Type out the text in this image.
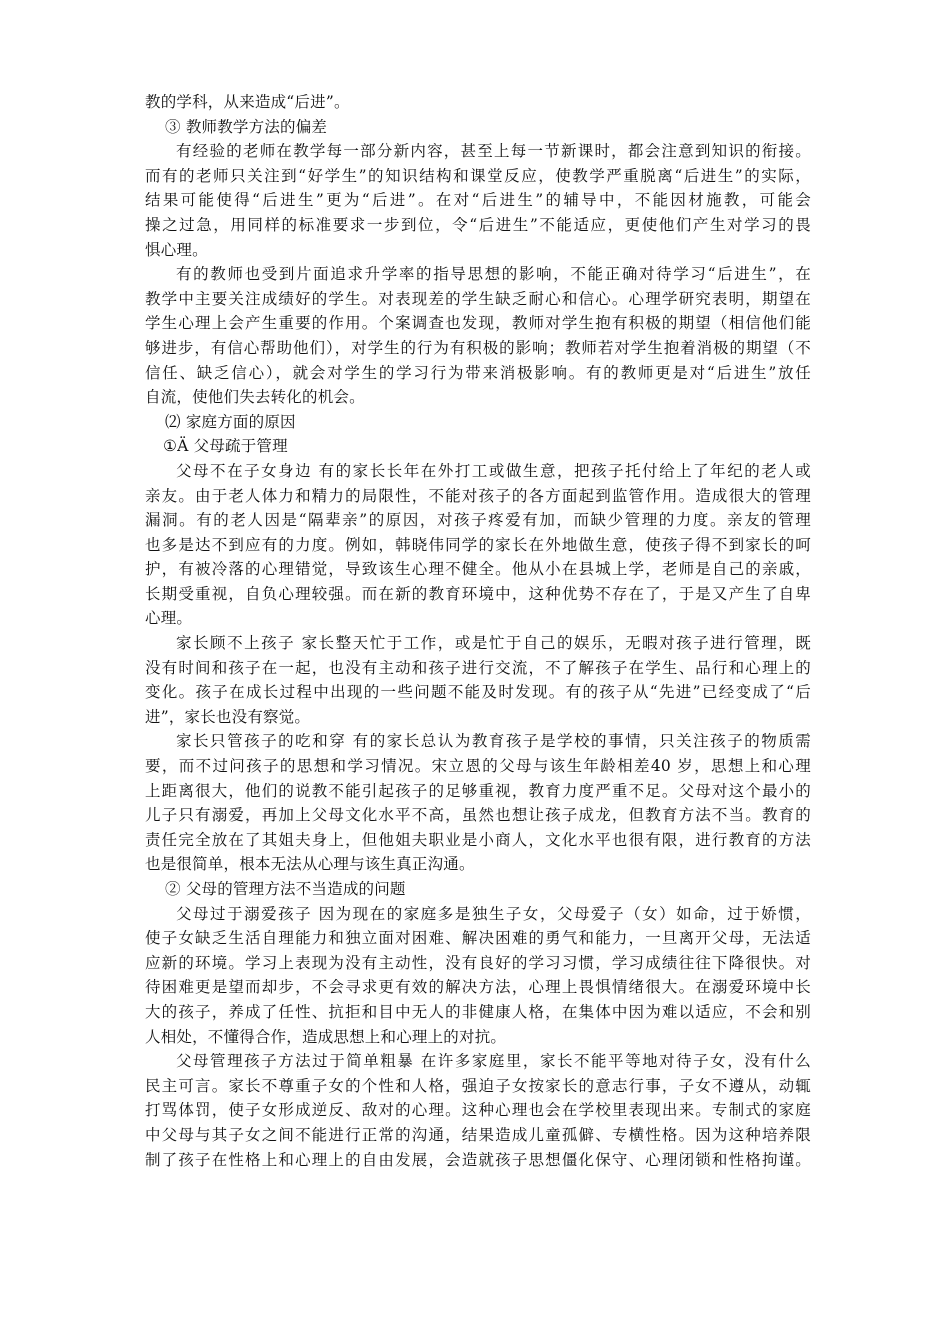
教的学科，从来造成“后进”。
③ 教师教学方法的偏差
有经验的老师在教学每一部分新内容，甚至上每一节新课时，都会注意到知识的衔接。
而有的老师只关注到“好学生”的知识结构和课堂反应，使教学严重脱离“后进生”的实际，
结果可能使得“后进生”更为“后进”。在对“后进生”的辅导中，不能因材施教，可能会
操之过急，用同样的标准要求一步到位，令“后进生”不能适应，更使他们产生对学习的畏
惧心理。
有的教师也受到片面追求升学率的指导思想的影响，不能正确对待学习“后进生”，在
教学中主要关注成绩好的学生。对表现差的学生缺乏耐心和信心。心理学研究表明，期望在
学生心理上会产生重要的作用。个案调查也发现，教师对学生抱有积极的期望（相信他们能
够进步，有信心帮助他们），对学生的行为有积极的影响；教师若对学生抱着消极的期望（不
信任、缺乏信心），就会对学生的学习行为带来消极影响。有的教师更是对“后进生”放任
自流，使他们失去转化的机会。
⑵ 家庭方面的原因
①Ä 父母疏于管理
父母不在子女身边 有的家长长年在外打工或做生意，把孩子托付给上了年纪的老人或
亲友。由于老人体力和精力的局限性，不能对孩子的各方面起到监管作用。造成很大的管理
漏洞。有的老人因是“隔辈亲”的原因，对孩子疼爱有加，而缺少管理的力度。亲友的管理
也多是达不到应有的力度。例如，韩晓伟同学的家长在外地做生意，使孩子得不到家长的呵
护，有被冷落的心理错觉，导致该生心理不健全。他从小在县城上学，老师是自己的亲戚，
长期受重视，自负心理较强。而在新的教育环境中，这种优势不存在了，于是又产生了自卑
心理。
家长顾不上孩子 家长整天忙于工作，或是忙于自己的娱乐，无暇对孩子进行管理，既
没有时间和孩子在一起，也没有主动和孩子进行交流，不了解孩子在学生、品行和心理上的
变化。孩子在成长过程中出现的一些问题不能及时发现。有的孩子从“先进”已经变成了“后
进”，家长也没有察觉。
家长只管孩子的吃和穿 有的家长总认为教育孩子是学校的事情，只关注孩子的物质需
要，而不过问孩子的思想和学习情况。宋立恩的父母与该生年龄相差40 岁，思想上和心理
上距离很大，他们的说教不能引起孩子的足够重视，教育力度严重不足。父母对这个最小的
儿子只有溺爱，再加上父母文化水平不高，虽然也想让孩子成龙，但教育方法不当。教育的
责任完全放在了其姐夫身上，但他姐夫职业是小商人，文化水平也很有限，进行教育的方法
也是很简单，根本无法从心理与该生真正沟通。
② 父母的管理方法不当造成的问题
父母过于溺爱孩子 因为现在的家庭多是独生子女，父母爱子（女）如命，过于娇惯，
使子女缺乏生活自理能力和独立面对困难、解决困难的勇气和能力，一旦离开父母，无法适
应新的环境。学习上表现为没有主动性，没有良好的学习习惯，学习成绩往往下降很快。对
待困难更是望而却步，不会寻求更有效的解决方法，心理上畏惧情绪很大。在溺爱环境中长
大的孩子，养成了任性、抗拒和目中无人的非健康人格，在集体中因为难以适应，不会和别
人相处，不懂得合作，造成思想上和心理上的对抗。
父母管理孩子方法过于简单粗暴 在许多家庭里，家长不能平等地对待子女，没有什么
民主可言。家长不尊重子女的个性和人格，强迫子女按家长的意志行事，子女不遵从，动辄
打骂体罚，使子女形成逆反、敌对的心理。这种心理也会在学校里表现出来。专制式的家庭
中父母与其子女之间不能进行正常的沟通，结果造成儿童孤僻、专横性格。因为这种培养限
制了孩子在性格上和心理上的自由发展，会造就孩子思想僵化保守、心理闭锁和性格拘谨。
